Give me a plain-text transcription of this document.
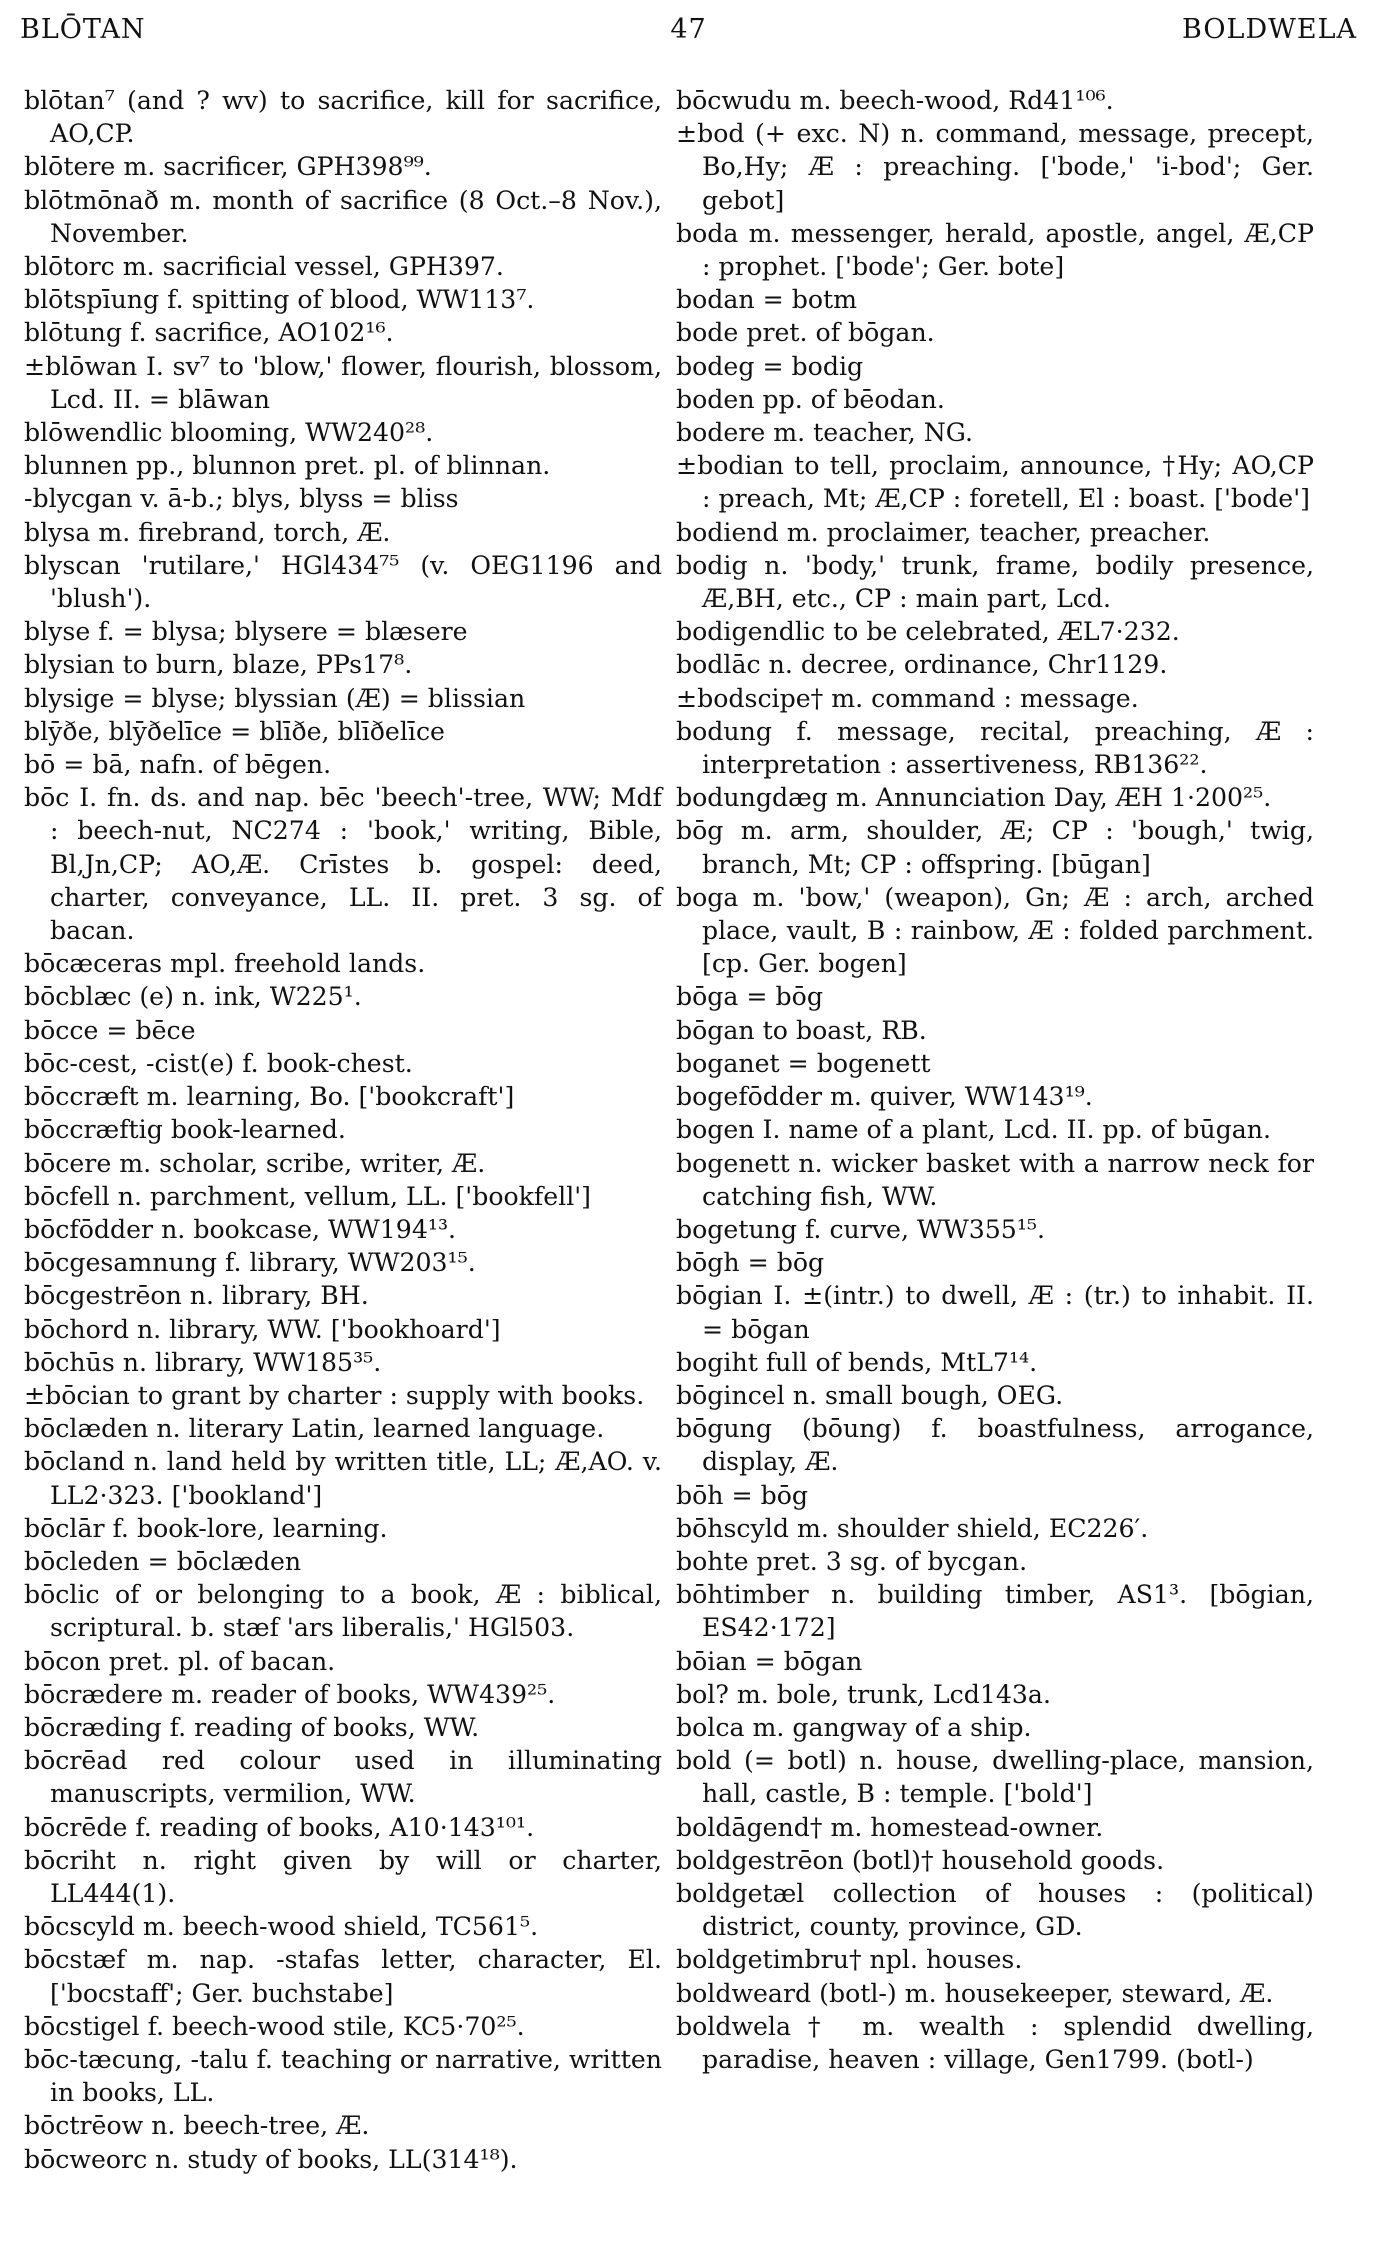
BLŌTAN	47	BOLDWELA

blōtan⁷ (and ? wv) to sacrifice, kill for sacrifice, AO,CP.

blōtere m. sacrificer, GPH398⁹⁹.

blōtmōnað m. month of sacrifice (8 Oct.–8 Nov.), November.

blōtorc m. sacrificial vessel, GPH397.

blōtspīung f. spitting of blood, WW113⁷.

blōtung f. sacrifice, AO102¹⁶.

±blōwan I. sv⁷ to 'blow,' flower, flourish, blossom, Lcd. II. = blāwan

blōwendlic blooming, WW240²⁸.

blunnen pp., blunnon pret. pl. of blinnan.

-blycgan v. ā-b.; blys, blyss = bliss

blysa m. firebrand, torch, Æ.

blyscan 'rutilare,' HGl434⁷⁵ (v. OEG1196 and 'blush').

blyse f. = blysa; blysere = blæsere

blysian to burn, blaze, PPs17⁸.

blysige = blyse; blyssian (Æ) = blissian

blȳðe, blȳðelīce = blīðe, blīðelīce

bō = bā, nafn. of bēgen.

bōc I. fn. ds. and nap. bēc 'beech'-tree, WW; Mdf : beech-nut, NC274 : 'book,' writing, Bible, Bl,Jn,CP; AO,Æ. Crīstes b. gospel: deed, charter, conveyance, LL. II. pret. 3 sg. of bacan.

bōcæceras mpl. freehold lands.

bōcblæc (e) n. ink, W225¹.

bōcce = bēce

bōc-cest, -cist(e) f. book-chest.

bōccræft m. learning, Bo. ['bookcraft']

bōccræftig book-learned.

bōcere m. scholar, scribe, writer, Æ.

bōcfell n. parchment, vellum, LL. ['bookfell']

bōcfōdder n. bookcase, WW194¹³.

bōcgesamnung f. library, WW203¹⁵.

bōcgestrēon n. library, BH.

bōchord n. library, WW. ['bookhoard']

bōchūs n. library, WW185³⁵.

±bōcian to grant by charter : supply with books.

bōclæden n. literary Latin, learned language.

bōcland n. land held by written title, LL; Æ,AO. v. LL2·323. ['bookland']

bōclār f. book-lore, learning.

bōcleden = bōclæden

bōclic of or belonging to a book, Æ : biblical, scriptural. b. stæf 'ars liberalis,' HGl503.

bōcon pret. pl. of bacan.

bōcrædere m. reader of books, WW439²⁵.

bōcræding f. reading of books, WW.

bōcrēad red colour used in illuminating manuscripts, vermilion, WW.

bōcrēde f. reading of books, A10·143¹⁰¹.

bōcriht n. right given by will or charter, LL444(1).

bōcscyld m. beech-wood shield, TC561⁵.

bōcstæf m. nap. -stafas letter, character, El. ['bocstaff'; Ger. buchstabe]

bōcstigel f. beech-wood stile, KC5·70²⁵.

bōc-tæcung, -talu f. teaching or narrative, written in books, LL.

bōctrēow n. beech-tree, Æ.

bōcweorc n. study of books, LL(314¹⁸).

bōcwudu m. beech-wood, Rd41¹⁰⁶.

±bod (+ exc. N) n. command, message, precept, Bo,Hy; Æ : preaching. ['bode,' 'i-bod'; Ger. gebot]

boda m. messenger, herald, apostle, angel, Æ,CP : prophet. ['bode'; Ger. bote]

bodan = botm

bode pret. of bōgan.

bodeg = bodig

boden pp. of bēodan.

bodere m. teacher, NG.

±bodian to tell, proclaim, announce, †Hy; AO,CP : preach, Mt; Æ,CP : foretell, El : boast. ['bode']

bodiend m. proclaimer, teacher, preacher.

bodig n. 'body,' trunk, frame, bodily presence, Æ,BH, etc., CP : main part, Lcd.

bodigendlic to be celebrated, ÆL7·232.

bodlāc n. decree, ordinance, Chr1129.

±bodscipe† m. command : message.

bodung f. message, recital, preaching, Æ : interpretation : assertiveness, RB136²².

bodungdæg m. Annunciation Day, ÆH 1·200²⁵.

bōg m. arm, shoulder, Æ; CP : 'bough,' twig, branch, Mt; CP : offspring. [būgan]

boga m. 'bow,' (weapon), Gn; Æ : arch, arched place, vault, B : rainbow, Æ : folded parchment. [cp. Ger. bogen]

bōga = bōg

bōgan to boast, RB.

boganet = bogenett

bogefōdder m. quiver, WW143¹⁹.

bogen I. name of a plant, Lcd. II. pp. of būgan.

bogenett n. wicker basket with a narrow neck for catching fish, WW.

bogetung f. curve, WW355¹⁵.

bōgh = bōg

bōgian I. ±(intr.) to dwell, Æ : (tr.) to inhabit. II. = bōgan

bogiht full of bends, MtL7¹⁴.

bōgincel n. small bough, OEG.

bōgung (bōung) f. boastfulness, arrogance, display, Æ.

bōh = bōg

bōhscyld m. shoulder shield, EC226′.

bohte pret. 3 sg. of bycgan.

bōhtimber n. building timber, AS1³. [bōgian, ES42·172]

bōian = bōgan

bol? m. bole, trunk, Lcd143a.

bolca m. gangway of a ship.

bold (= botl) n. house, dwelling-place, mansion, hall, castle, B : temple. ['bold']

boldāgend† m. homestead-owner.

boldgestrēon (botl)† household goods.

boldgetæl collection of houses : (political) district, county, province, GD.

boldgetimbru† npl. houses.

boldweard (botl-) m. housekeeper, steward, Æ.

boldwela† m. wealth : splendid dwelling, paradise, heaven : village, Gen1799. (botl-)
